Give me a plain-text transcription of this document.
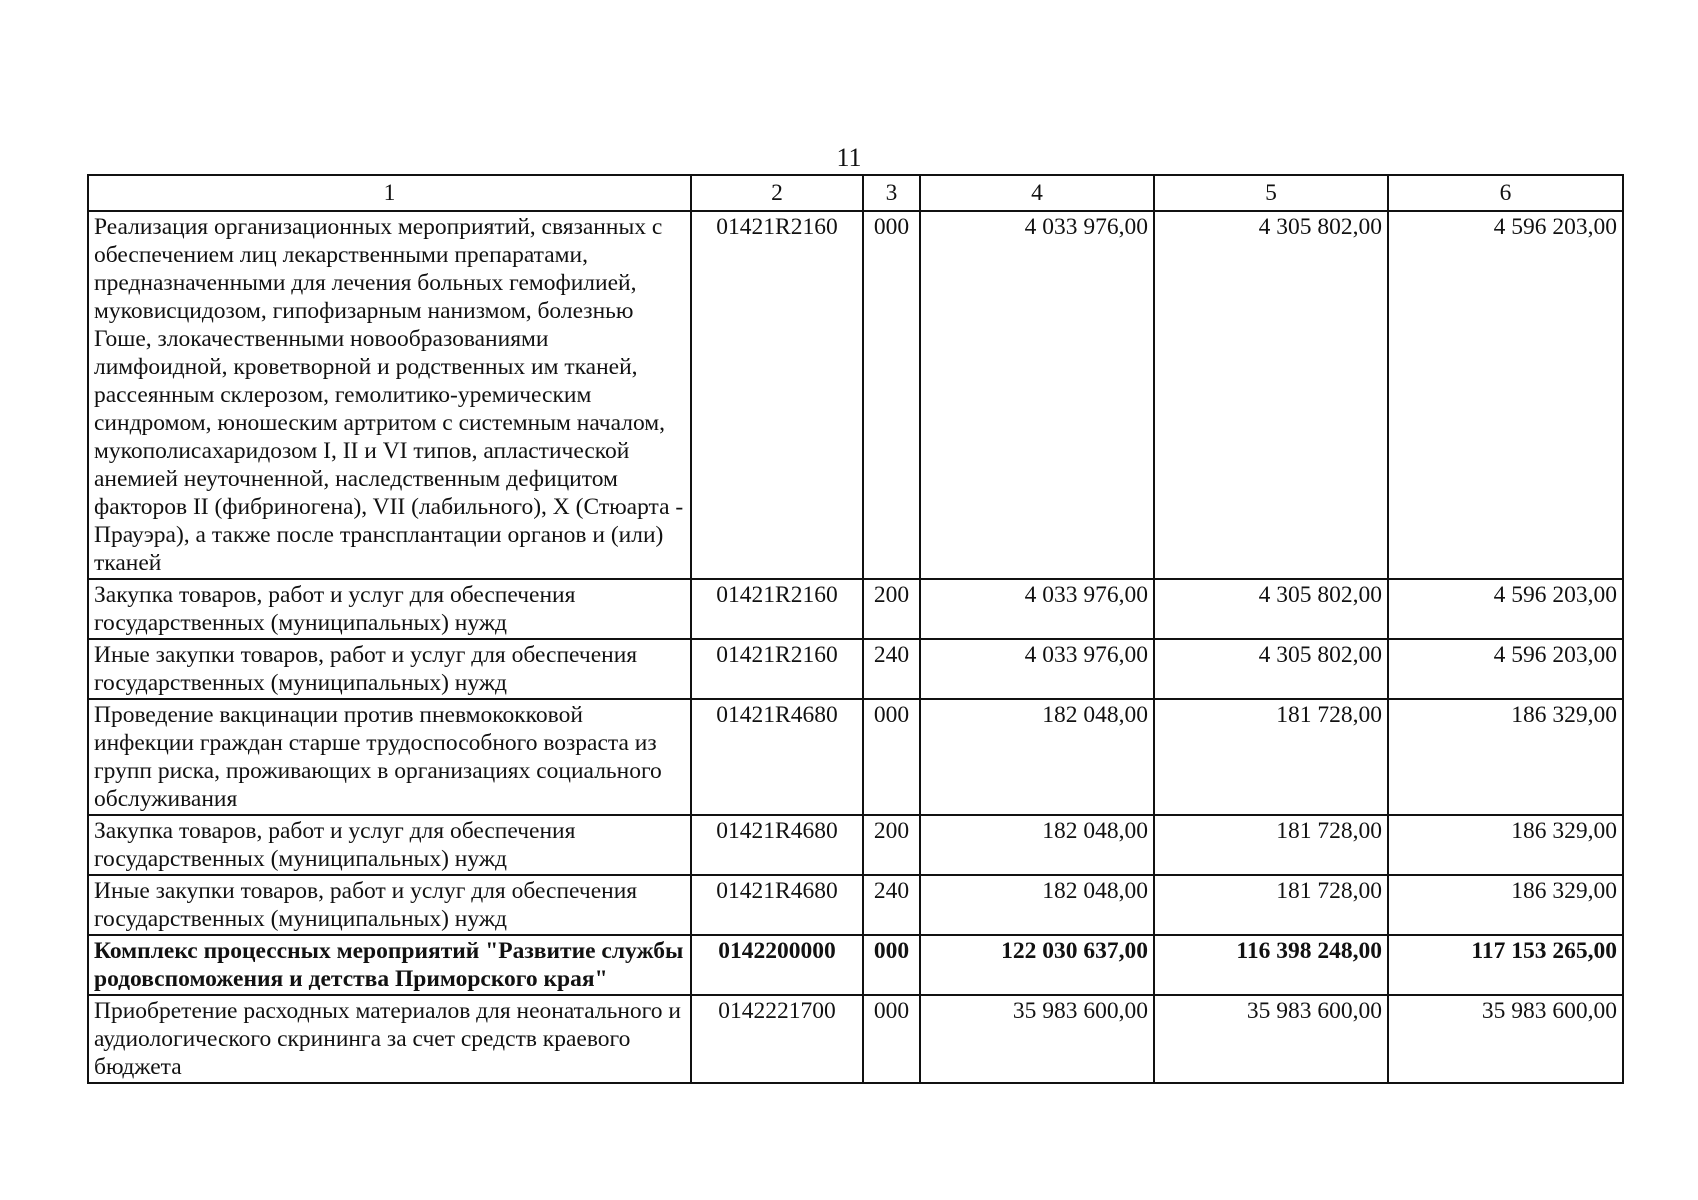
11
1	2	3	4	5	6
Реализация организационных мероприятий, связанных с обеспечением лиц лекарственными препаратами, предназначенными для лечения больных гемофилией, муковисцидозом, гипофизарным нанизмом, болезнью Гоше, злокачественными новообразованиями лимфоидной, кроветворной и родственных им тканей, рассеянным склерозом, гемолитико-уремическим синдромом, юношеским артритом с системным началом, мукополисахаридозом I, II и VI типов, апластической анемией неуточненной, наследственным дефицитом факторов II (фибриногена), VII (лабильного), X (Стюарта - Прауэра), а также после трансплантации органов и (или) тканей	01421R2160	000	4 033 976,00	4 305 802,00	4 596 203,00
Закупка товаров, работ и услуг для обеспечения государственных (муниципальных) нужд	01421R2160	200	4 033 976,00	4 305 802,00	4 596 203,00
Иные закупки товаров, работ и услуг для обеспечения государственных (муниципальных) нужд	01421R2160	240	4 033 976,00	4 305 802,00	4 596 203,00
Проведение вакцинации против пневмококковой инфекции граждан старше трудоспособного возраста из групп риска, проживающих в организациях социального обслуживания	01421R4680	000	182 048,00	181 728,00	186 329,00
Закупка товаров, работ и услуг для обеспечения государственных (муниципальных) нужд	01421R4680	200	182 048,00	181 728,00	186 329,00
Иные закупки товаров, работ и услуг для обеспечения государственных (муниципальных) нужд	01421R4680	240	182 048,00	181 728,00	186 329,00
Комплекс процессных мероприятий "Развитие службы родовспоможения и детства Приморского края"	0142200000	000	122 030 637,00	116 398 248,00	117 153 265,00
Приобретение расходных материалов для неонатального и аудиологического скрининга за счет средств краевого бюджета	0142221700	000	35 983 600,00	35 983 600,00	35 983 600,00
